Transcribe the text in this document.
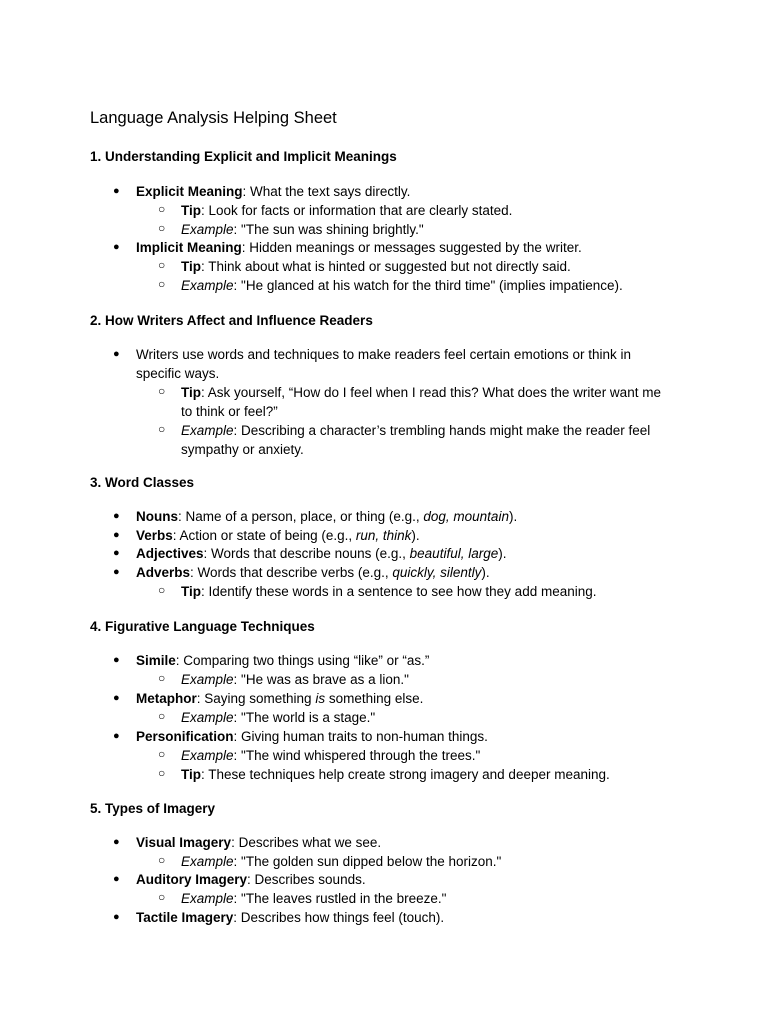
Language Analysis Helping Sheet
1. Understanding Explicit and Implicit Meanings
● Explicit Meaning: What the text says directly.
○ Tip: Look for facts or information that are clearly stated.
○ Example: "The sun was shining brightly."
● Implicit Meaning: Hidden meanings or messages suggested by the writer.
○ Tip: Think about what is hinted or suggested but not directly said.
○ Example: "He glanced at his watch for the third time" (implies impatience).
2. How Writers Affect and Influence Readers
● Writers use words and techniques to make readers feel certain emotions or think in
specific ways.
○ Tip: Ask yourself, “How do I feel when I read this? What does the writer want me
to think or feel?”
○ Example: Describing a character’s trembling hands might make the reader feel
sympathy or anxiety.
3. Word Classes
● Nouns: Name of a person, place, or thing (e.g., dog, mountain).
● Verbs: Action or state of being (e.g., run, think).
● Adjectives: Words that describe nouns (e.g., beautiful, large).
● Adverbs: Words that describe verbs (e.g., quickly, silently).
○ Tip: Identify these words in a sentence to see how they add meaning.
4. Figurative Language Techniques
● Simile: Comparing two things using “like” or “as.”
○ Example: "He was as brave as a lion."
● Metaphor: Saying something is something else.
○ Example: "The world is a stage."
● Personification: Giving human traits to non-human things.
○ Example: "The wind whispered through the trees."
○ Tip: These techniques help create strong imagery and deeper meaning.
5. Types of Imagery
● Visual Imagery: Describes what we see.
○ Example: "The golden sun dipped below the horizon."
● Auditory Imagery: Describes sounds.
○ Example: "The leaves rustled in the breeze."
● Tactile Imagery: Describes how things feel (touch).
